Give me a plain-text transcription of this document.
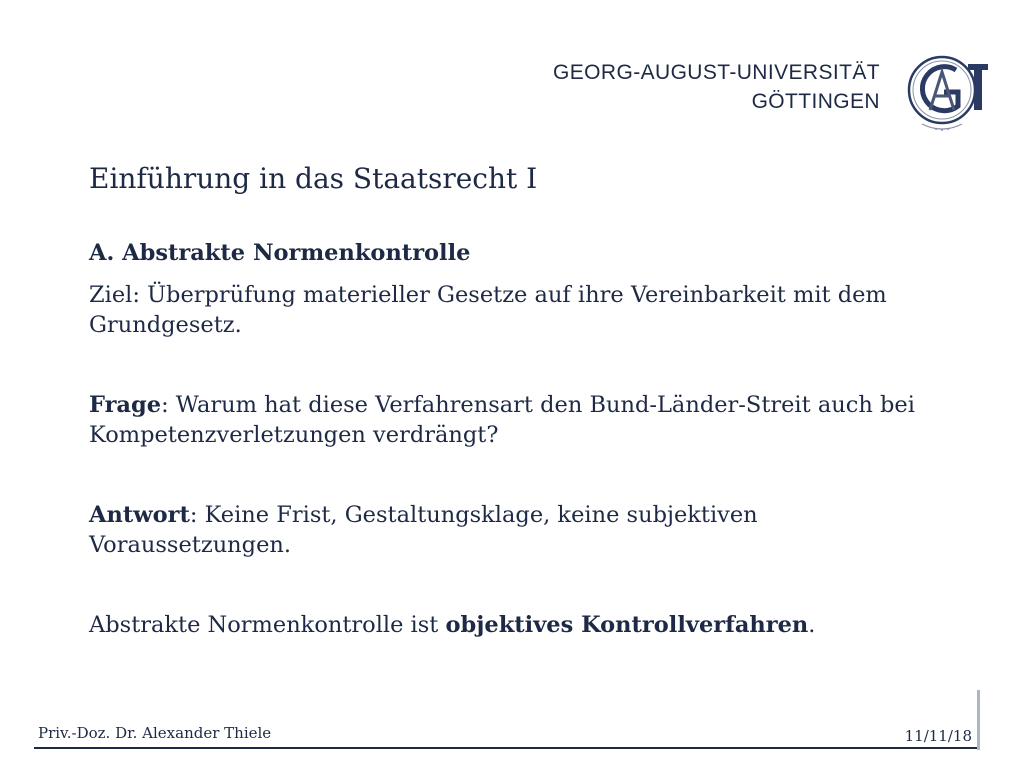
GEORG-AUGUST-UNIVERSITÄT
GÖTTINGEN
Einführung in das Staatsrecht I

A. Abstrakte Normenkontrolle

Ziel: Überprüfung materieller Gesetze auf ihre Vereinbarkeit mit dem Grundgesetz.

Frage: Warum hat diese Verfahrensart den Bund-Länder-Streit auch bei Kompetenzverletzungen verdrängt?

Antwort: Keine Frist, Gestaltungsklage, keine subjektiven Voraussetzungen.

Abstrakte Normenkontrolle ist objektives Kontrollverfahren.

Priv.-Doz. Dr. Alexander Thiele	11/11/18
